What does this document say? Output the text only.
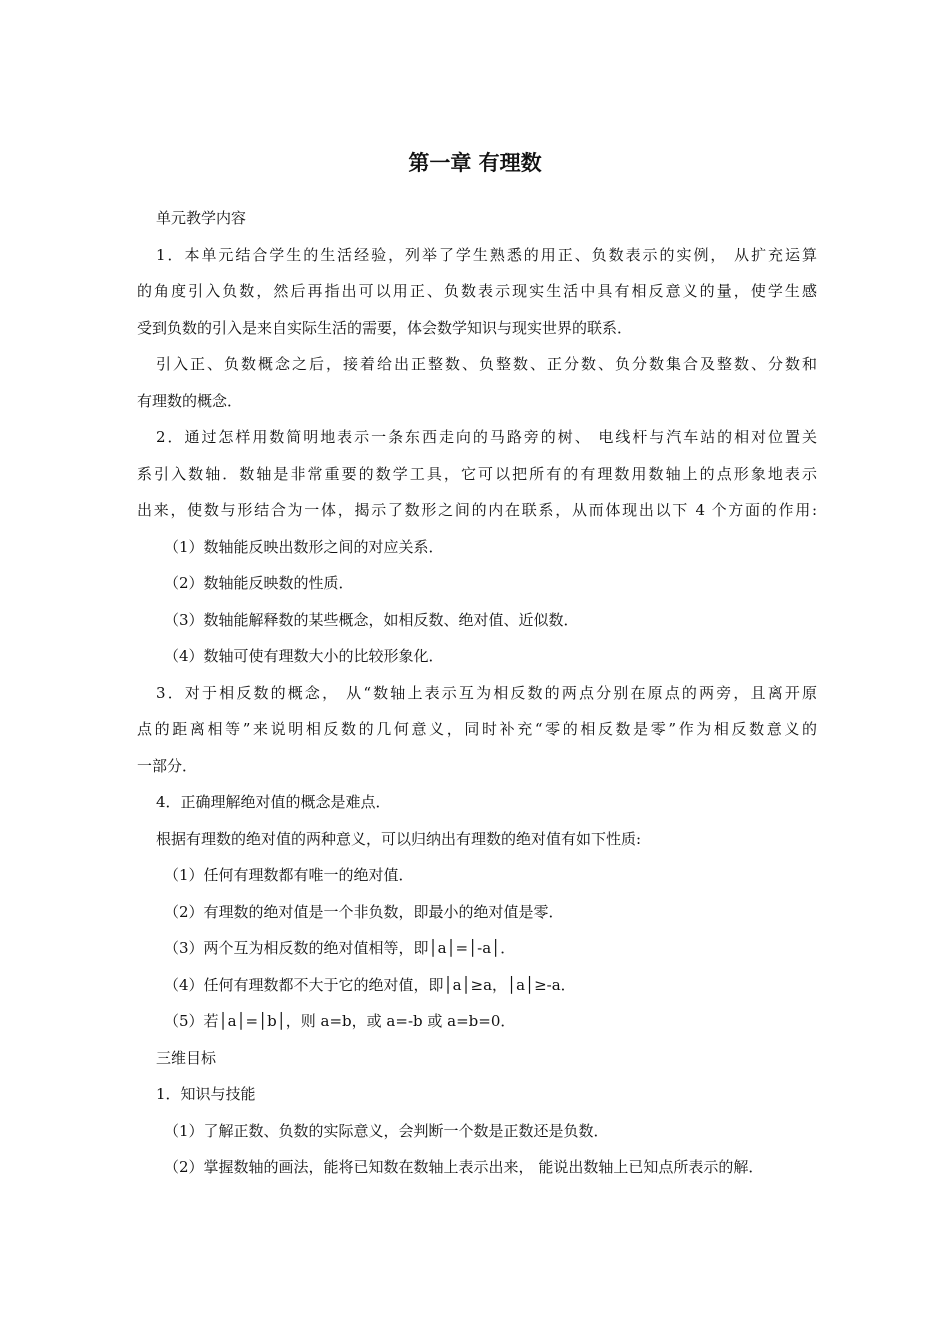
第一章 有理数
单元教学内容
1．本单元结合学生的生活经验，列举了学生熟悉的用正、负数表示的实例， 从扩充运算
的角度引入负数，然后再指出可以用正、负数表示现实生活中具有相反意义的量，使学生感
受到负数的引入是来自实际生活的需要，体会数学知识与现实世界的联系．
引入正、负数概念之后，接着给出正整数、负整数、正分数、负分数集合及整数、分数和
有理数的概念．
2．通过怎样用数简明地表示一条东西走向的马路旁的树、 电线杆与汽车站的相对位置关
系引入数轴．数轴是非常重要的数学工具，它可以把所有的有理数用数轴上的点形象地表示
出来，使数与形结合为一体，揭示了数形之间的内在联系，从而体现出以下 4 个方面的作用:
（1）数轴能反映出数形之间的对应关系．
（2）数轴能反映数的性质．
（3）数轴能解释数的某些概念，如相反数、绝对值、近似数．
（4）数轴可使有理数大小的比较形象化．
3．对于相反数的概念， 从“数轴上表示互为相反数的两点分别在原点的两旁，且离开原
点的距离相等”来说明相反数的几何意义，同时补充“零的相反数是零”作为相反数意义的
一部分．
4．正确理解绝对值的概念是难点．
根据有理数的绝对值的两种意义，可以归纳出有理数的绝对值有如下性质:
（1）任何有理数都有唯一的绝对值．
（2）有理数的绝对值是一个非负数，即最小的绝对值是零．
（3）两个互为相反数的绝对值相等，即│a│=│-a│．
（4）任何有理数都不大于它的绝对值，即│a│≥a，│a│≥-a．
（5）若│a│=│b│，则 a=b，或 a=-b 或 a=b=0．
三维目标
1．知识与技能
（1）了解正数、负数的实际意义，会判断一个数是正数还是负数．
（2）掌握数轴的画法，能将已知数在数轴上表示出来， 能说出数轴上已知点所表示的解．
